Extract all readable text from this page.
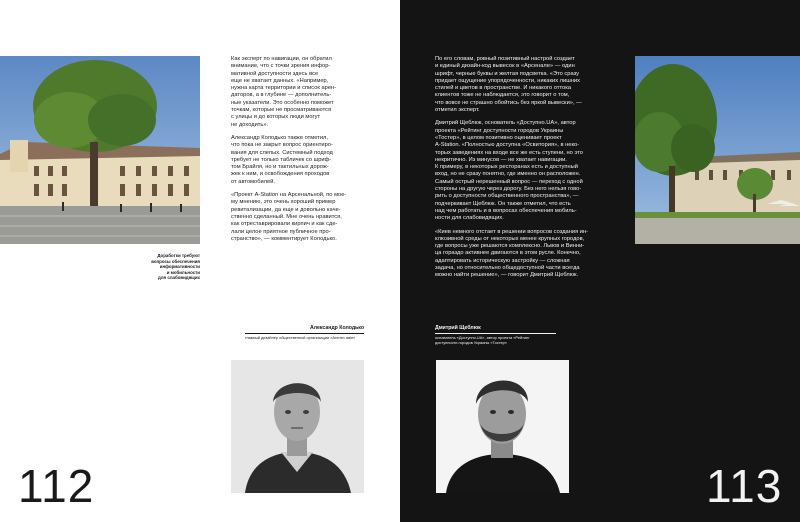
Доработки требуют
вопросы обеспечения
информативности
и мобильности
для слабовидящих

Как эксперт по навигации, он обратил
внимание, что с точки зрения инфор-
мативной доступности здесь все
еще не хватает данных. «Например,
нужна карта территории и список арен-
даторов, а в глубине — дополнитель-
ные указатели. Это особенно поможет
точкам, которые не просматриваются
с улицы и до которых люди могут
не доходить».

Александр Колодько также отметил,
что пока не закрыт вопрос ориентиро-
вания для слепых. Системный подход
требует не только табличек со шриф-
том Брайля, но и тактильных дорож-
жек к ним, и освобождения проходов
от автомобилей.

«Проект A-Station на Арсенальной, по мое-
му мнению, это очень хороший пример
ревитализации, да еще и довольно каче-
ственно сделанный. Мне очень нравится,
как отреставрировали кирпич и как сде-
лали целое приятное публичное про-
странство», — комментирует Колодько.

Александр Колодько
главный дизайнер общественной организации «Агенти змін»
112

По его словам, ровный позитивный настрой создает
и единый дизайн-код вывесок в «Арсенале» — один
шрифт, черные буквы и желтая подсветка. «Это сразу
придает ощущение упорядоченности, никаких лишних
стилей и цветов в пространстве. И никакого оттока
клиентов тоже не наблюдается, это говорит о том,
что вовсе не страшно обойтись без яркой вывески», —
отметил эксперт.

Дмитрий Щеблюк, основатель «Доступно.UA», автор
проекта «Рейтинг доступности городов Украины
«Тостер», в целом позитивно оценивает проект
A-Station. «Полностью доступна «Освитория», в неко-
торых заведениях на входе все же есть ступени, но это
некритично. Из минусов — не хватает навигации.
К примеру, в некоторых ресторанах есть и доступный
вход, но не сразу понятно, где именно он расположен.
Самый острый нерешенный вопрос — переход с одной
стороны на другую через дорогу. Без него нельзя гово-
рить о доступности общественного пространства», —
подчеркивает Щеблюк. Он также отметил, что есть
над чем работать и в вопросах обеспечения мобиль-
ности для слабовидящих.

«Киев немного отстает в решении вопросов создания ин-
клюзивной среды от некоторых менее крупных городов,
где вопросы уже решаются комплексно. Львов и Винни-
ца гораздо активнее двигаются в этом русле. Конечно,
адаптировать историческую застройку — сложная
задача, но относительно общедоступной части всегда
можно найти решение», — говорит Дмитрий Щеблюк.

Дмитрий Щеблюк
основатель «Доступно.UA», автор проекта «Рейтинг
доступности городов Украины «Тостер»
113
